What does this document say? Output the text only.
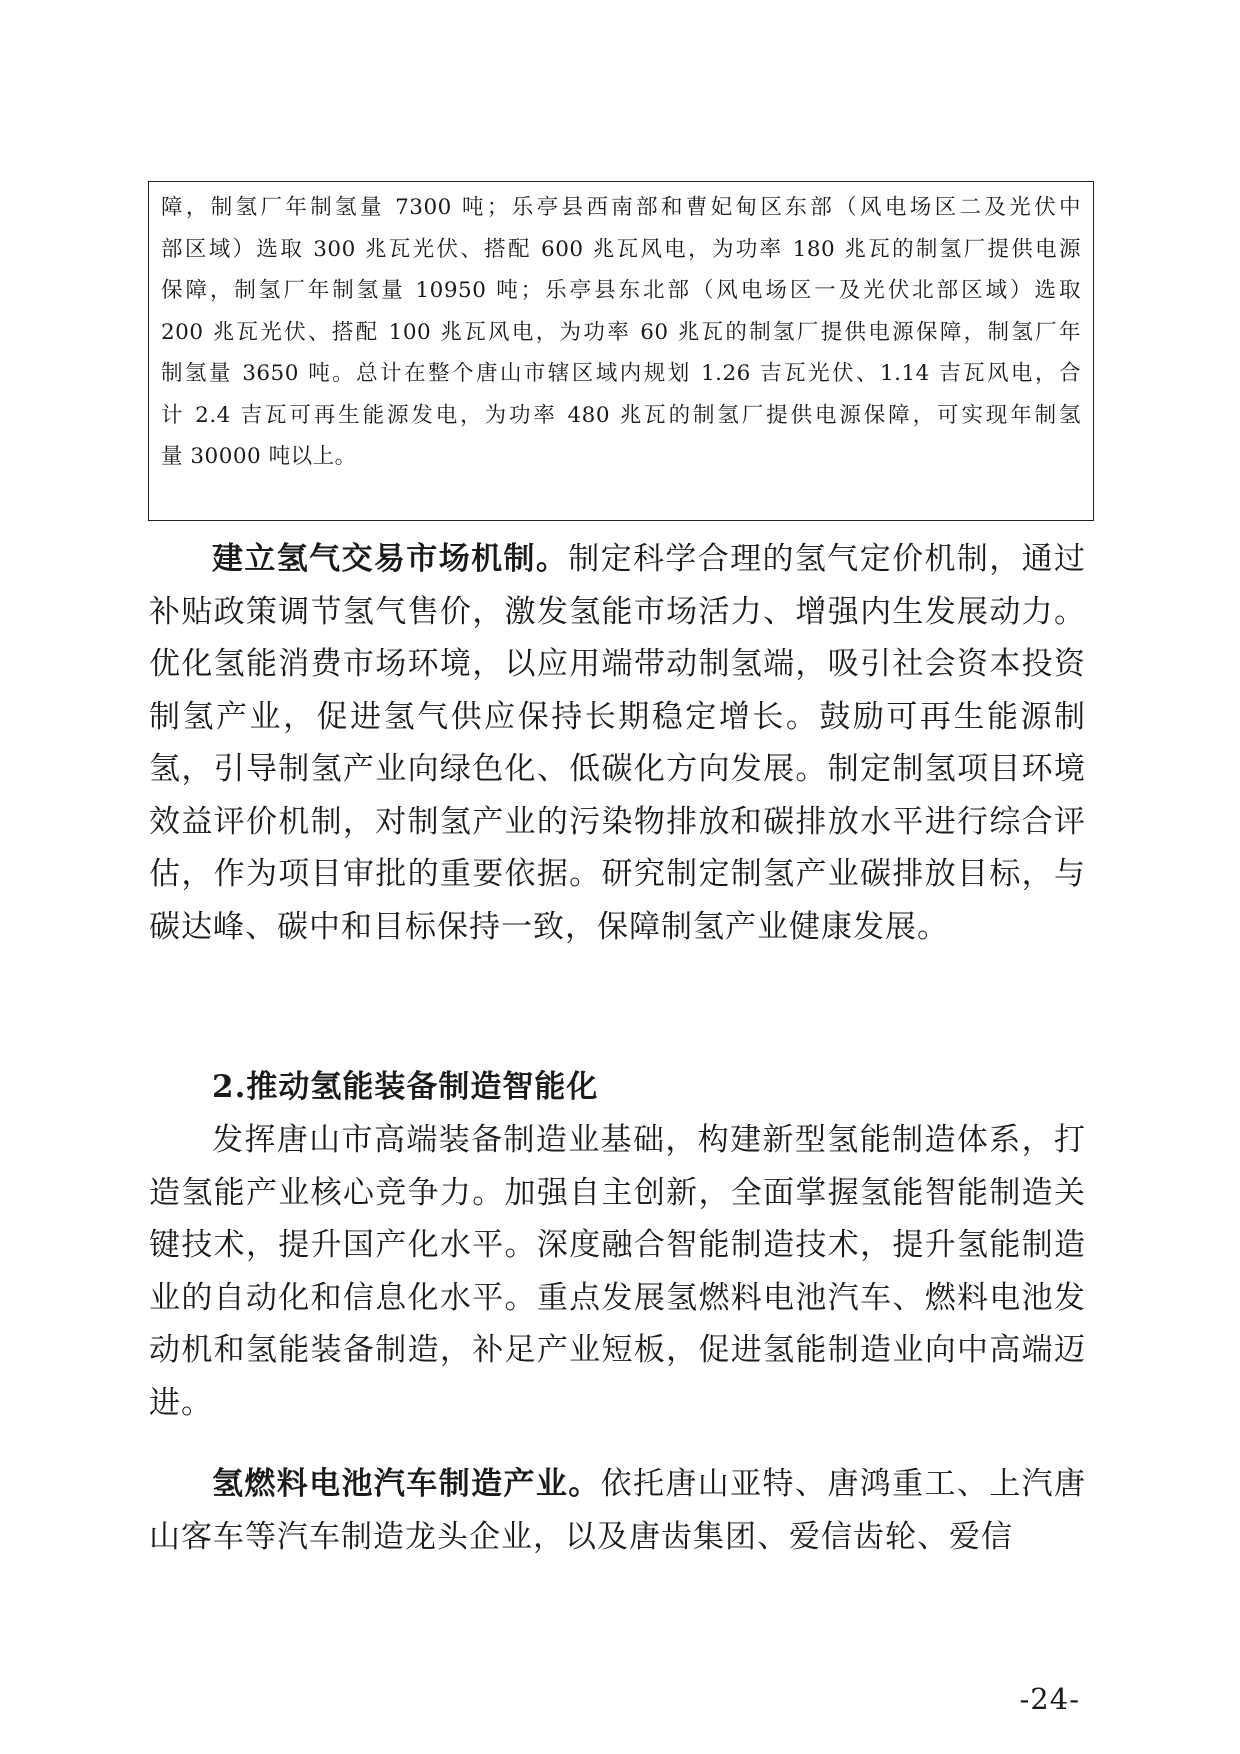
障，制氢厂年制氢量 7300 吨；乐亭县西南部和曹妃甸区东部（风电场区二及光伏中

部区域）选取 300 兆瓦光伏、搭配 600 兆瓦风电，为功率 180 兆瓦的制氢厂提供电源

保障，制氢厂年制氢量 10950 吨；乐亭县东北部（风电场区一及光伏北部区域）选取

200 兆瓦光伏、搭配 100 兆瓦风电，为功率 60 兆瓦的制氢厂提供电源保障，制氢厂年

制氢量 3650 吨。总计在整个唐山市辖区域内规划 1.26 吉瓦光伏、1.14 吉瓦风电，合

计 2.4 吉瓦可再生能源发电，为功率 480 兆瓦的制氢厂提供电源保障，可实现年制氢

量 30000 吨以上。

建立氢气交易市场机制。制定科学合理的氢气定价机制，通过补贴政策调节氢气售价，激发氢能市场活力、增强内生发展动力。优化氢能消费市场环境，以应用端带动制氢端，吸引社会资本投资制氢产业，促进氢气供应保持长期稳定增长。鼓励可再生能源制氢，引导制氢产业向绿色化、低碳化方向发展。制定制氢项目环境效益评价机制，对制氢产业的污染物排放和碳排放水平进行综合评估，作为项目审批的重要依据。研究制定制氢产业碳排放目标，与碳达峰、碳中和目标保持一致，保障制氢产业健康发展。

2.推动氢能装备制造智能化

发挥唐山市高端装备制造业基础，构建新型氢能制造体系，打造氢能产业核心竞争力。加强自主创新，全面掌握氢能智能制造关键技术，提升国产化水平。深度融合智能制造技术，提升氢能制造业的自动化和信息化水平。重点发展氢燃料电池汽车、燃料电池发动机和氢能装备制造，补足产业短板，促进氢能制造业向中高端迈进。

氢燃料电池汽车制造产业。依托唐山亚特、唐鸿重工、上汽唐山客车等汽车制造龙头企业，以及唐齿集团、爱信齿轮、爱信

-24-
